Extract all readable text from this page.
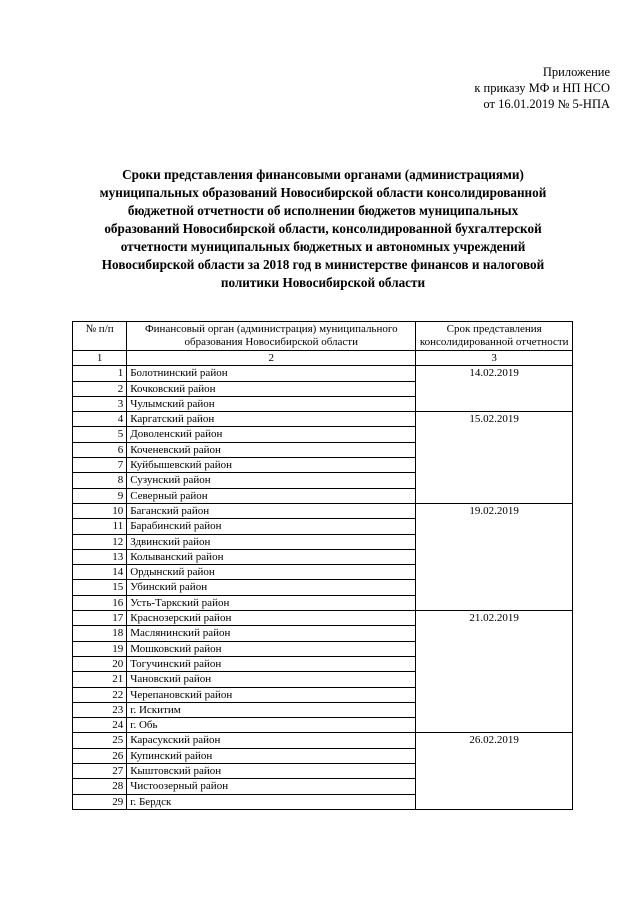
Приложение
к приказу МФ и НП НСО
от 16.01.2019 № 5-НПА
Сроки представления финансовыми органами (администрациями)
муниципальных образований Новосибирской области консолидированной
бюджетной отчетности об исполнении бюджетов муниципальных
образований Новосибирской области, консолидированной бухгалтерской
отчетности муниципальных бюджетных и автономных учреждений
Новосибирской области за 2018 год в министерстве финансов и налоговой
политики Новосибирской области
№ п/п	Финансовый орган (администрация) муниципального образования Новосибирской области	Срок представления консолидированной отчетности
1	2	3
1	Болотнинский район	14.02.2019
2	Кочковский район	
3	Чулымский район	
4	Каргатский район	15.02.2019
5	Доволенский район	
6	Коченевский район	
7	Куйбышевский район	
8	Сузунский район	
9	Северный район	
10	Баганский район	19.02.2019
11	Барабинский район	
12	Здвинский район	
13	Колыванский район	
14	Ордынский район	
15	Убинский район	
16	Усть-Таркский район	
17	Краснозерский район	21.02.2019
18	Маслянинский район	
19	Мошковский район	
20	Тогучинский район	
21	Чановский район	
22	Черепановский район	
23	г. Искитим	
24	г. Обь	
25	Карасукский район	26.02.2019
26	Купинский район	
27	Кыштовский район	
28	Чистоозерный район	
29	г. Бердск	
